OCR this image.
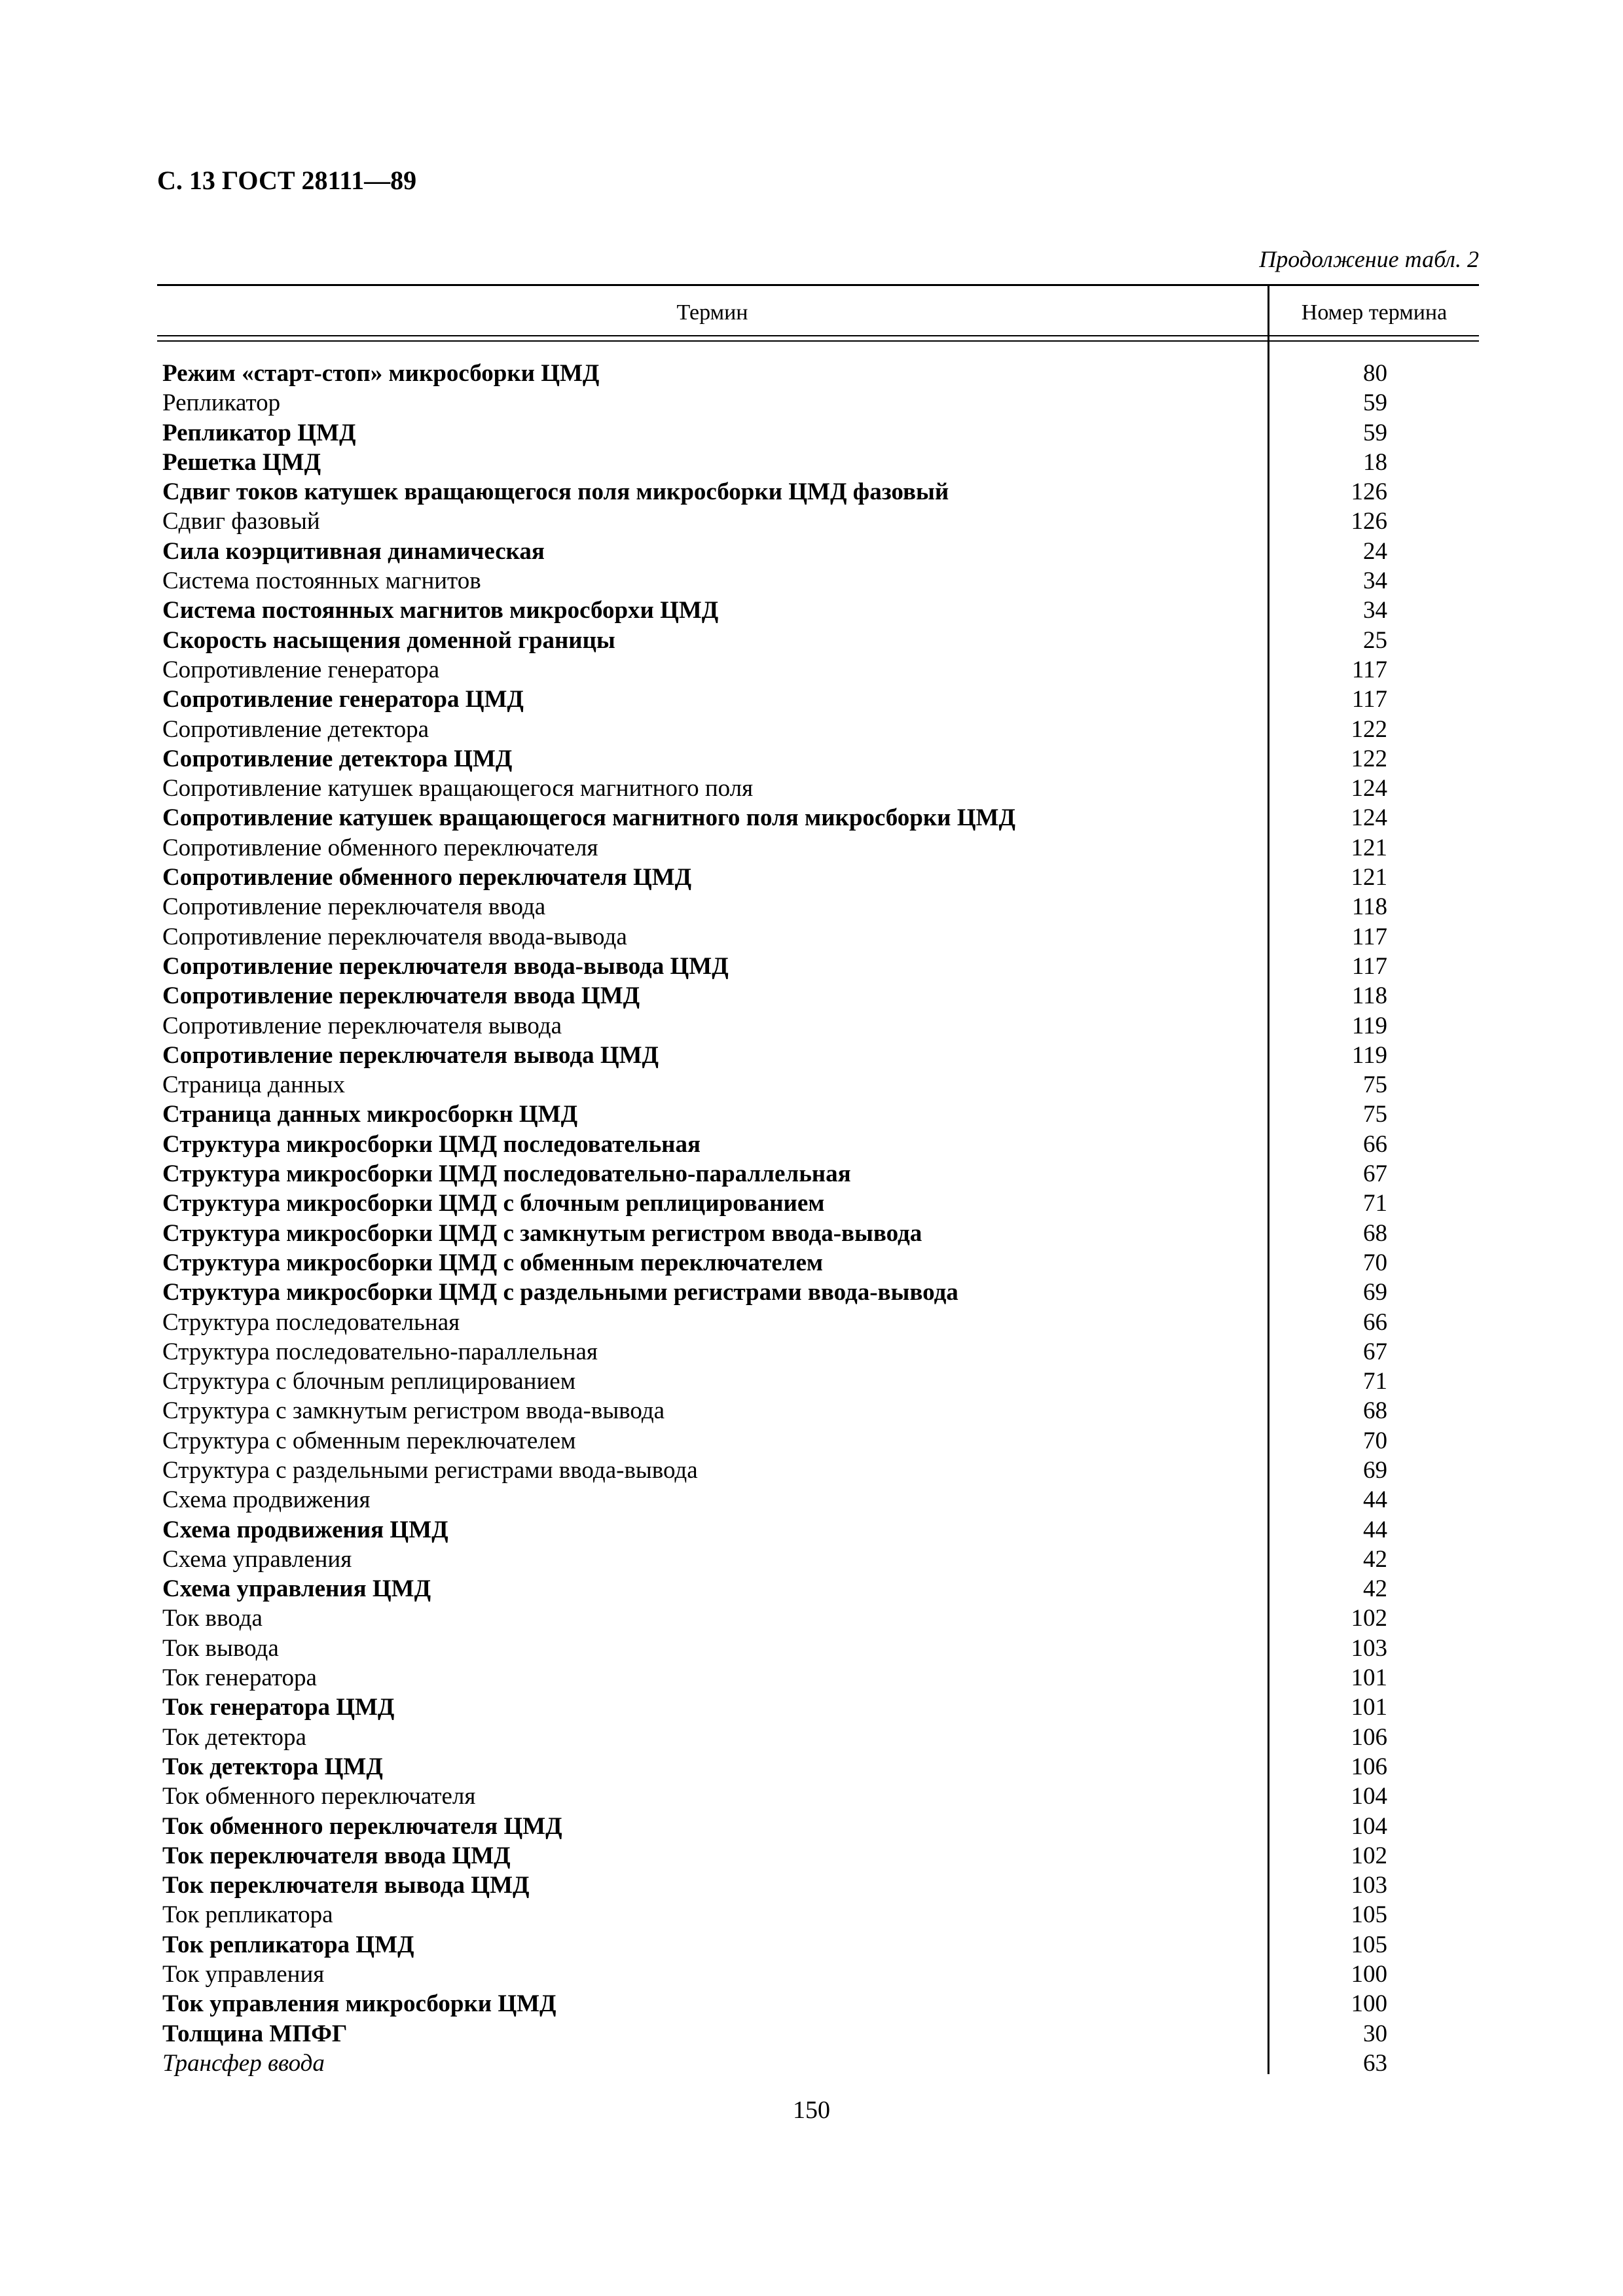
С. 13 ГОСТ 28111—89
Продолжение табл. 2
Термин	Номер термина
Режим «старт-стоп» микросборки ЦМД	80
Репликатор	59
Репликатор ЦМД	59
Решетка ЦМД	18
Сдвиг токов катушек вращающегося поля микросборки ЦМД фазовый	126
Сдвиг фазовый	126
Сила коэрцитивная динамическая	24
Система постоянных магнитов	34
Система постоянных магнитов микросборхи ЦМД	34
Скорость насыщения доменной границы	25
Сопротивление генератора	117
Сопротивление генератора ЦМД	117
Сопротивление детектора	122
Сопротивление детектора ЦМД	122
Сопротивление катушек вращающегося магнитного поля	124
Сопротивление катушек вращающегося магнитного поля микросборки ЦМД	124
Сопротивление обменного переключателя	121
Сопротивление обменного переключателя ЦМД	121
Сопротивление переключателя ввода	118
Сопротивление переключателя ввода-вывода	117
Сопротивление переключателя ввода-вывода ЦМД	117
Сопротивление переключателя ввода ЦМД	118
Сопротивление переключателя вывода	119
Сопротивление переключателя вывода ЦМД	119
Страница данных	75
Страница данных микросборкн ЦМД	75
Структура микросборки ЦМД последовательная	66
Структура микросборки ЦМД последовательно-параллельная	67
Структура микросборки ЦМД с блочным реплицированием	71
Структура микросборки ЦМД с замкнутым регистром ввода-вывода	68
Структура микросборки ЦМД с обменным переключателем	70
Структура микросборки ЦМД с раздельными регистрами ввода-вывода	69
Структура последовательная	66
Структура последовательно-параллельная	67
Структура с блочным реплицированием	71
Структура с замкнутым регистром ввода-вывода	68
Структура с обменным переключателем	70
Структура с раздельными регистрами ввода-вывода	69
Схема продвижения	44
Схема продвижения ЦМД	44
Схема управления	42
Схема управления ЦМД	42
Ток ввода	102
Ток вывода	103
Ток генератора	101
Ток генератора ЦМД	101
Ток детектора	106
Ток детектора ЦМД	106
Ток обменного переключателя	104
Ток обменного переключателя ЦМД	104
Ток переключателя ввода ЦМД	102
Ток переключателя вывода ЦМД	103
Ток репликатора	105
Ток репликатора ЦМД	105
Ток управления	100
Ток управления микросборки ЦМД	100
Толщина МПФГ	30
Трансфер ввода	63
150
